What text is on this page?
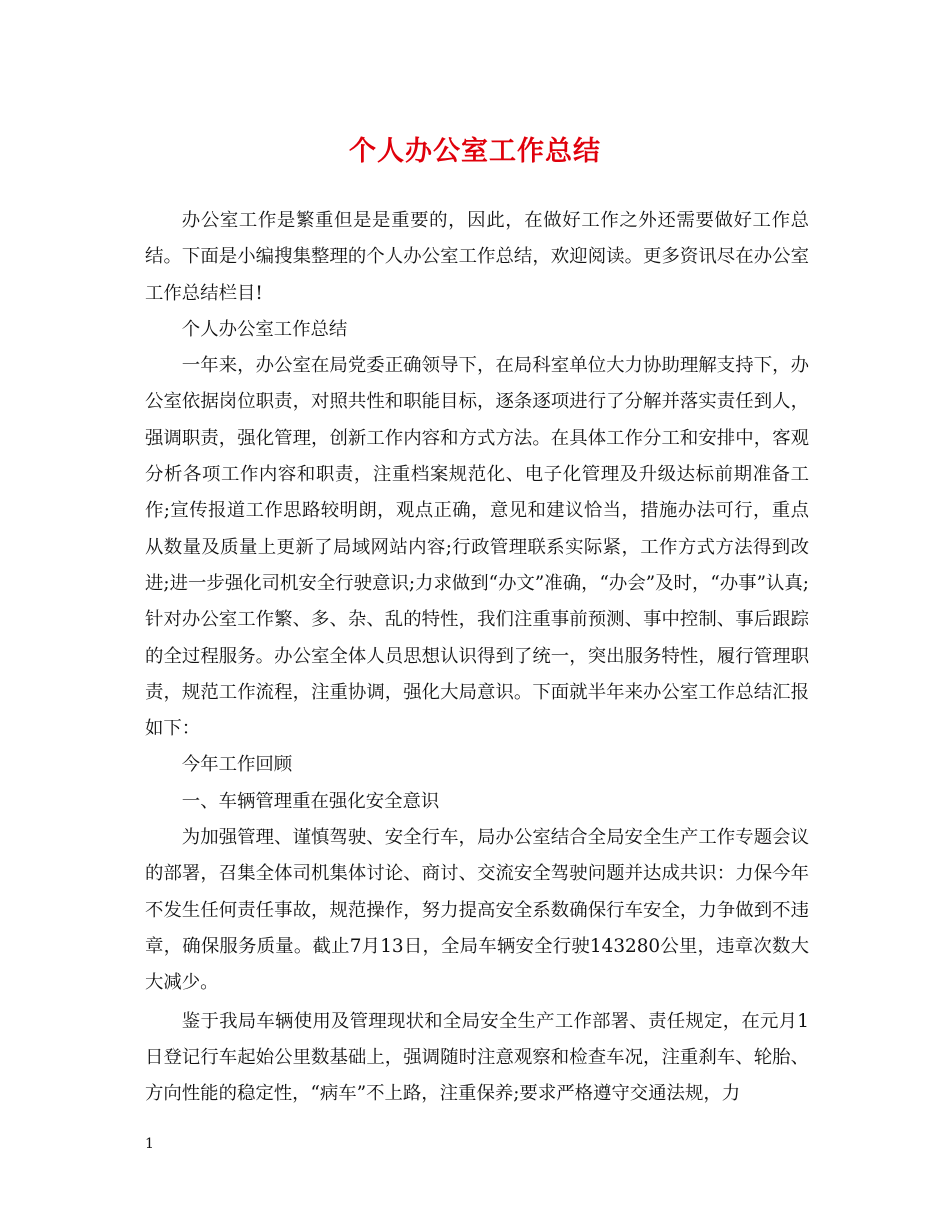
个人办公室工作总结

办公室工作是繁重但是是重要的，因此，在做好工作之外还需要做好工作总结。下面是小编搜集整理的个人办公室工作总结，欢迎阅读。更多资讯尽在办公室工作总结栏目!

个人办公室工作总结

一年来，办公室在局党委正确领导下，在局科室单位大力协助理解支持下，办公室依据岗位职责，对照共性和职能目标，逐条逐项进行了分解并落实责任到人，强调职责，强化管理，创新工作内容和方式方法。在具体工作分工和安排中，客观分析各项工作内容和职责，注重档案规范化、电子化管理及升级达标前期准备工作;宣传报道工作思路较明朗，观点正确，意见和建议恰当，措施办法可行，重点从数量及质量上更新了局域网站内容;行政管理联系实际紧，工作方式方法得到改进;进一步强化司机安全行驶意识;力求做到“办文”准确，“办会”及时，“办事”认真;针对办公室工作繁、多、杂、乱的特性，我们注重事前预测、事中控制、事后跟踪的全过程服务。办公室全体人员思想认识得到了统一，突出服务特性，履行管理职责，规范工作流程，注重协调，强化大局意识。下面就半年来办公室工作总结汇报如下：

今年工作回顾

一、车辆管理重在强化安全意识

为加强管理、谨慎驾驶、安全行车，局办公室结合全局安全生产工作专题会议的部署，召集全体司机集体讨论、商讨、交流安全驾驶问题并达成共识：力保今年不发生任何责任事故，规范操作，努力提高安全系数确保行车安全，力争做到不违章，确保服务质量。截止7月13日，全局车辆安全行驶143280公里，违章次数大大减少。

鉴于我局车辆使用及管理现状和全局安全生产工作部署、责任规定，在元月1日登记行车起始公里数基础上，强调随时注意观察和检查车况，注重刹车、轮胎、方向性能的稳定性，“病车”不上路，注重保养;要求严格遵守交通法规，力

1
